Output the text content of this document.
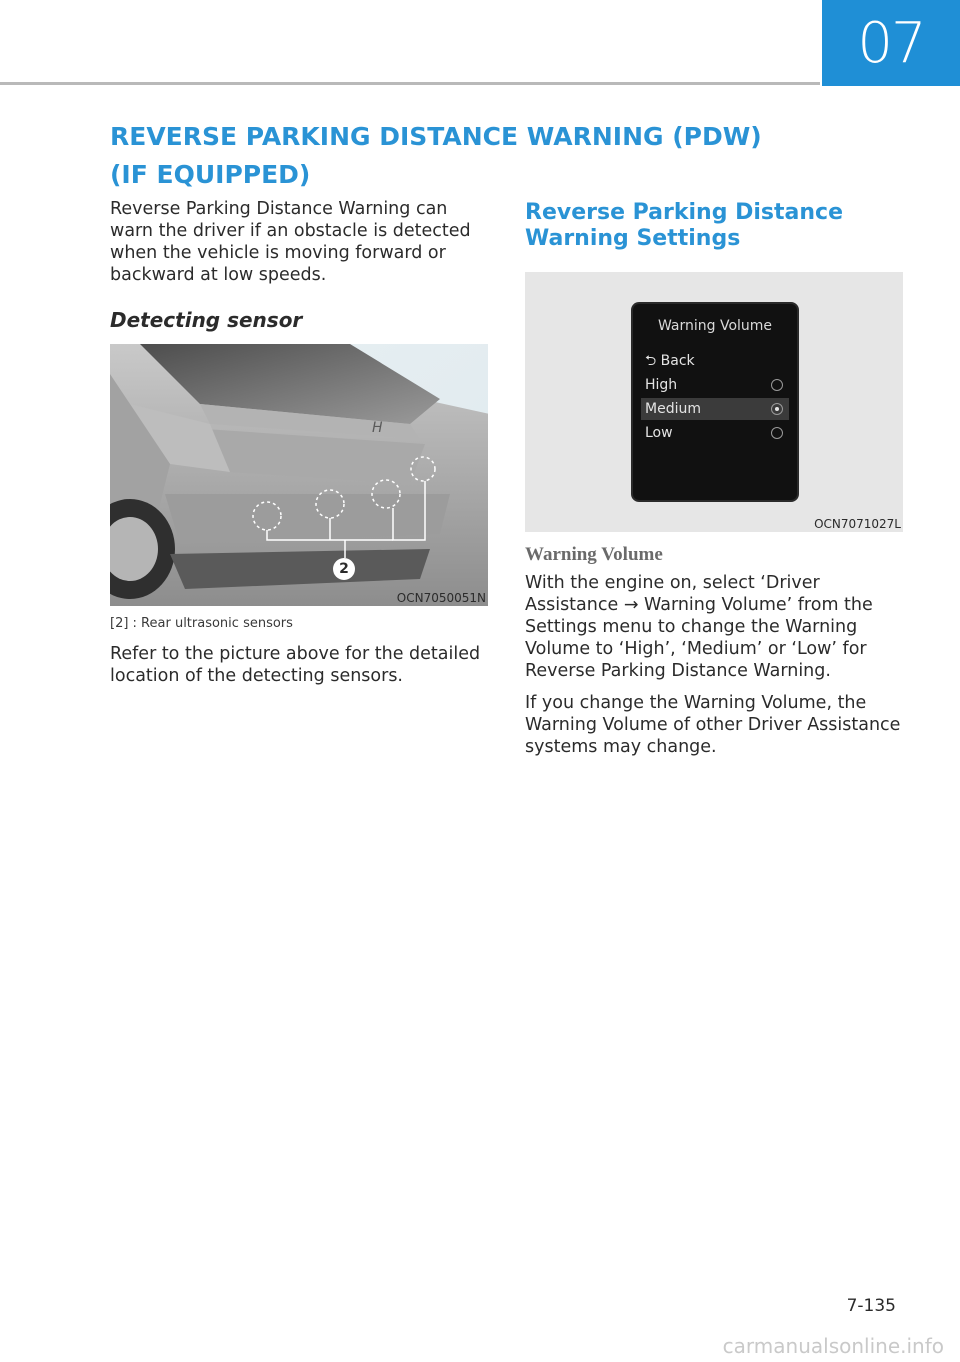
07
REVERSE PARKING DISTANCE WARNING (PDW)
(IF EQUIPPED)

Reverse Parking Distance Warning can warn the driver if an obstacle is detected when the vehicle is moving forward or backward at low speeds.

Detecting sensor
H
2
OCN7050051N

[2] : Rear ultrasonic sensors

Refer to the picture above for the detailed location of the detecting sensors.

Reverse Parking Distance Warning Settings
Warning Volume
⮌ Back
High
Medium
Low
OCN7071027L
Warning Volume

With the engine on, select ‘Driver Assistance → Warning Volume’ from the Settings menu to change the Warning Volume to ‘High’, ‘Medium’ or ‘Low’ for Reverse Parking Distance Warning.

If you change the Warning Volume, the Warning Volume of other Driver Assistance systems may change.

7-135
carmanualsonline.info
